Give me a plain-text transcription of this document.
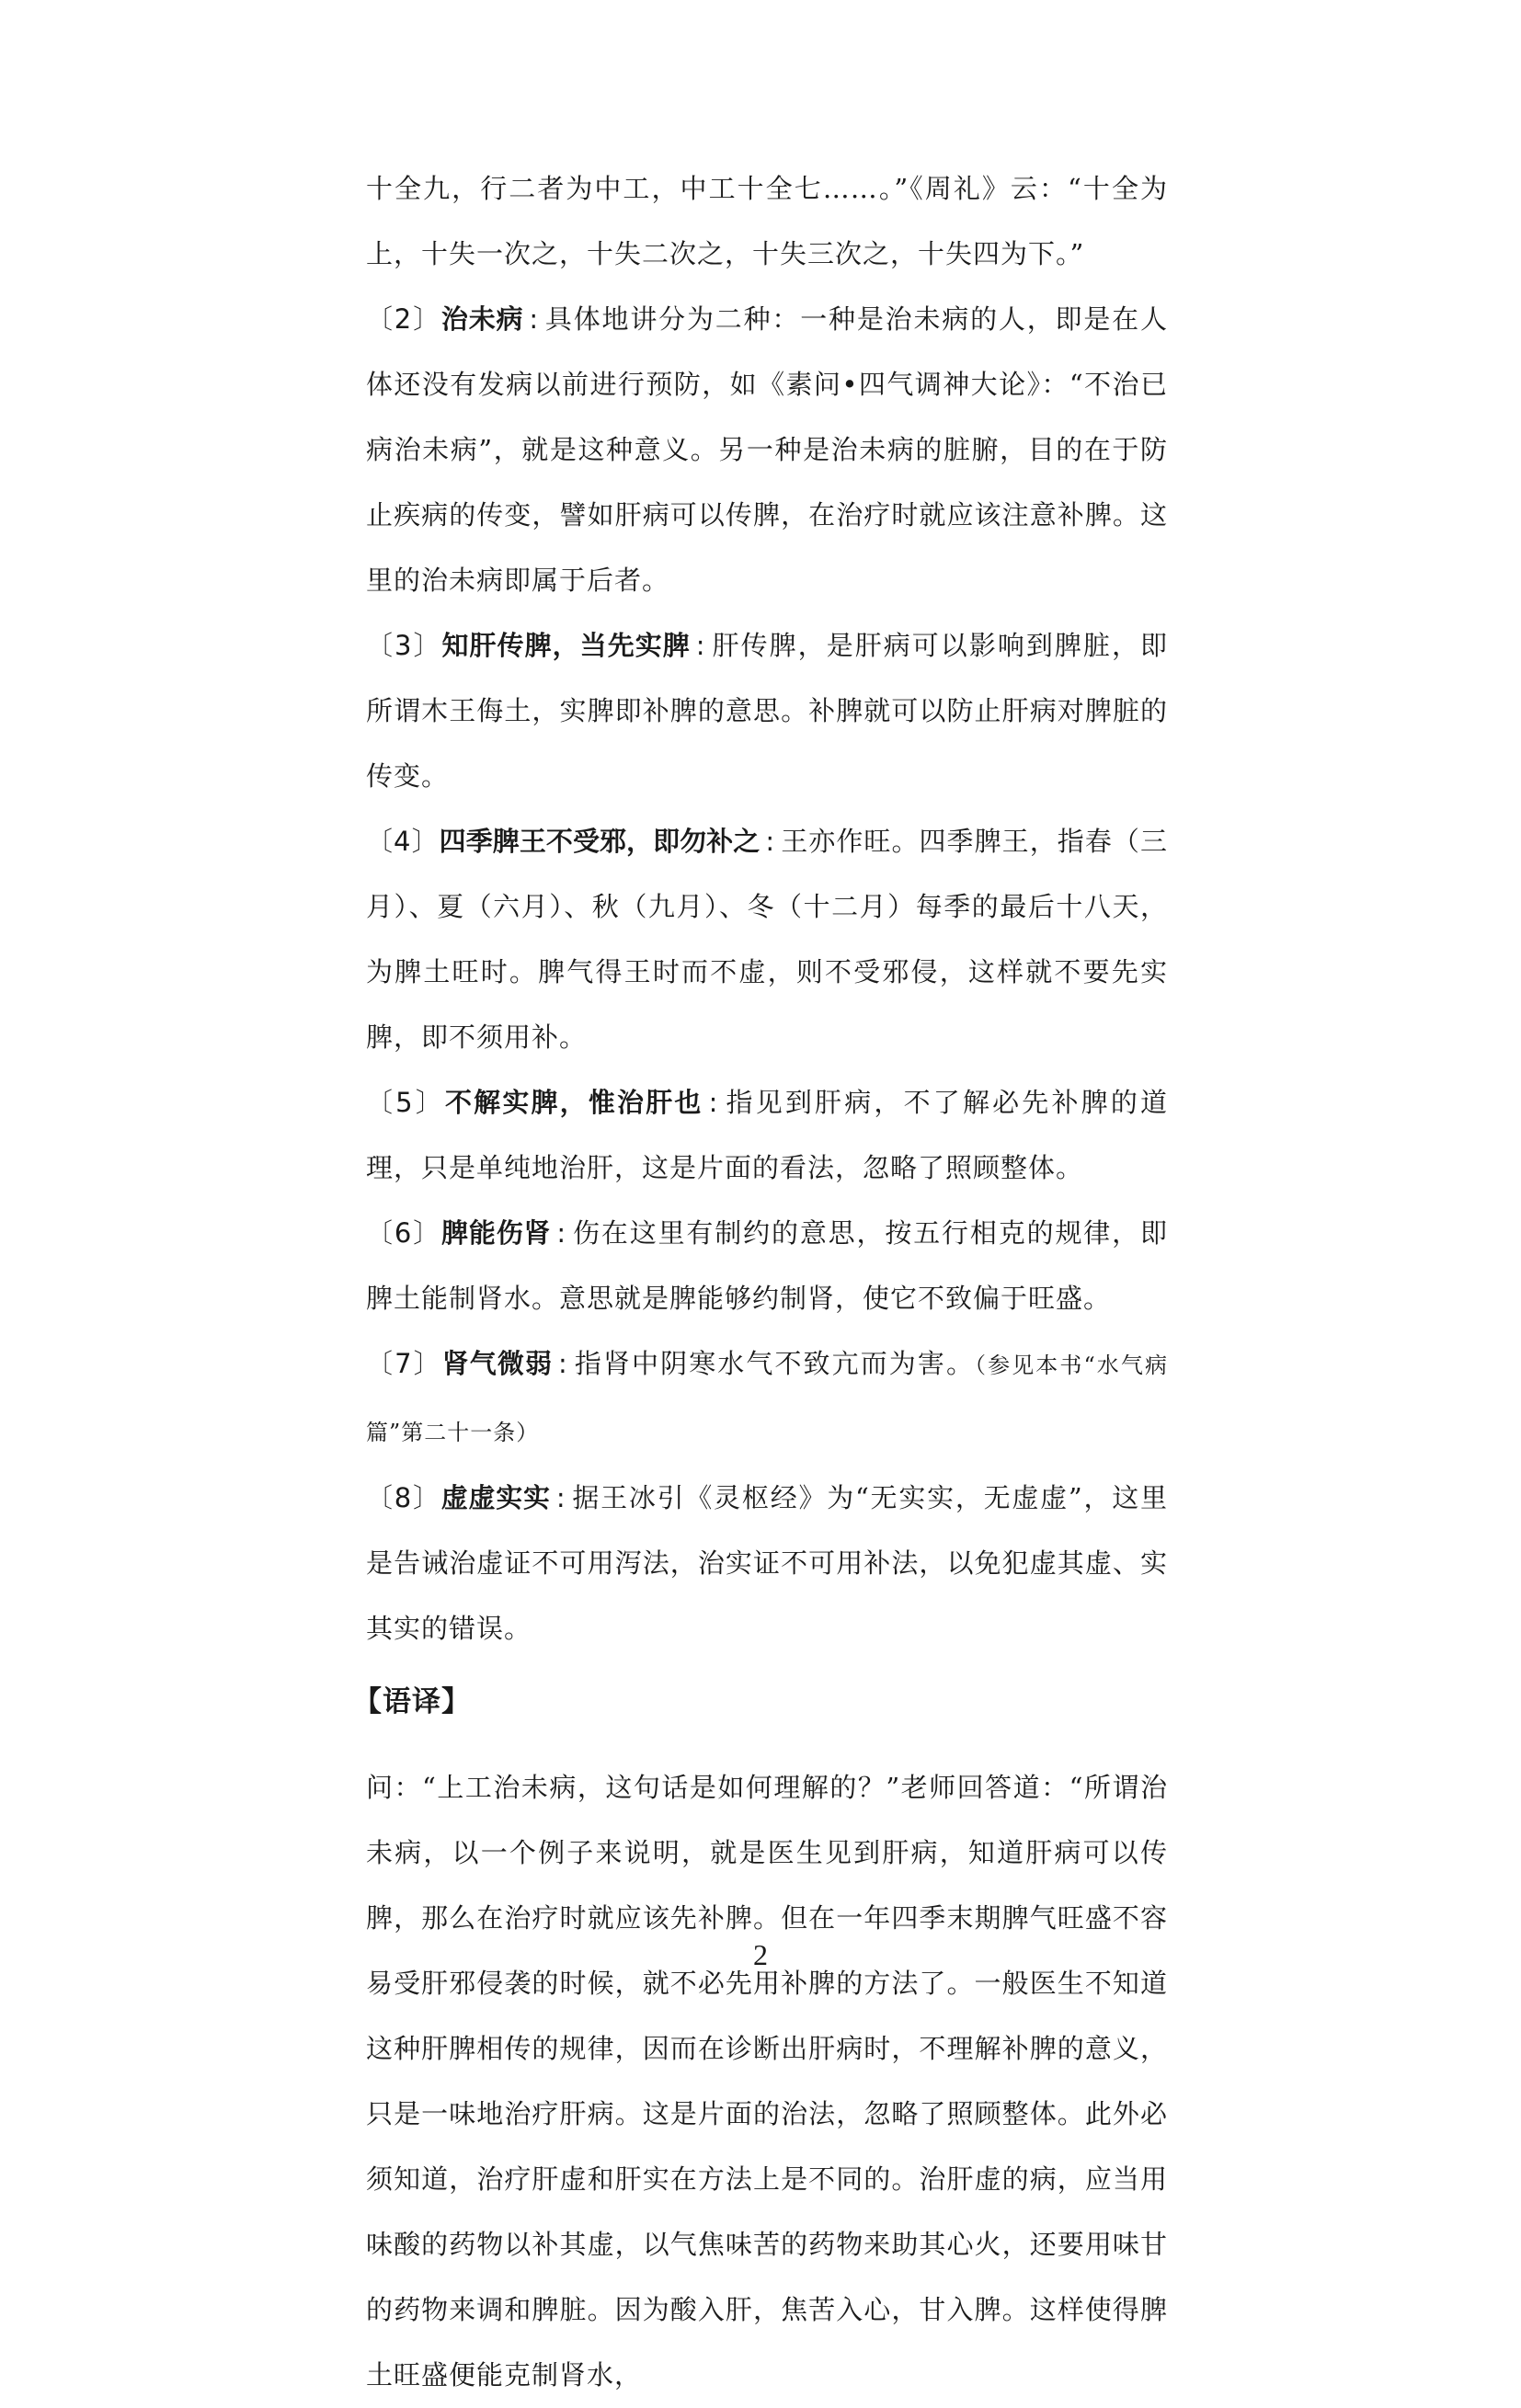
十全九，行二者为中工，中工十全七……。”《周礼》云：“十全为上，十失一次之，十失二次之，十失三次之，十失四为下。”

〔2〕治未病 : 具体地讲分为二种：一种是治未病的人，即是在人体还没有发病以前进行预防，如《素问•四气调神大论》：“不治已病治未病”，就是这种意义。另一种是治未病的脏腑，目的在于防止疾病的传变，譬如肝病可以传脾，在治疗时就应该注意补脾。这里的治未病即属于后者。

〔3〕知肝传脾，当先实脾 : 肝传脾，是肝病可以影响到脾脏，即所谓木王侮土，实脾即补脾的意思。补脾就可以防止肝病对脾脏的传变。

〔4〕四季脾王不受邪，即勿补之 : 王亦作旺。四季脾王，指春（三月）、夏（六月）、秋（九月）、冬（十二月）每季的最后十八天，为脾土旺时。脾气得王时而不虚，则不受邪侵，这样就不要先实脾，即不须用补。

〔5〕不解实脾，惟治肝也 : 指见到肝病，不了解必先补脾的道理，只是单纯地治肝，这是片面的看法，忽略了照顾整体。

〔6〕脾能伤肾 : 伤在这里有制约的意思，按五行相克的规律，即脾土能制肾水。意思就是脾能够约制肾，使它不致偏于旺盛。

〔7〕肾气微弱 : 指肾中阴寒水气不致亢而为害。（参见本书“水气病篇”第二十一条）

〔8〕虚虚实实 : 据王冰引《灵枢经》为“无实实，无虚虚”，这里是告诫治虚证不可用泻法，治实证不可用补法，以免犯虚其虚、实其实的错误。

【语译】

问：“上工治未病，这句话是如何理解的？”老师回答道：“所谓治未病，以一个例子来说明，就是医生见到肝病，知道肝病可以传脾，那么在治疗时就应该先补脾。但在一年四季末期脾气旺盛不容易受肝邪侵袭的时候，就不必先用补脾的方法了。一般医生不知道这种肝脾相传的规律，因而在诊断出肝病时，不理解补脾的意义，只是一味地治疗肝病。这是片面的治法，忽略了照顾整体。此外必须知道，治疗肝虚和肝实在方法上是不同的。治肝虚的病，应当用味酸的药物以补其虚，以气焦味苦的药物来助其心火，还要用味甘的药物来调和脾脏。因为酸入肝，焦苦入心，甘入脾。这样使得脾土旺盛便能克制肾水，

2
